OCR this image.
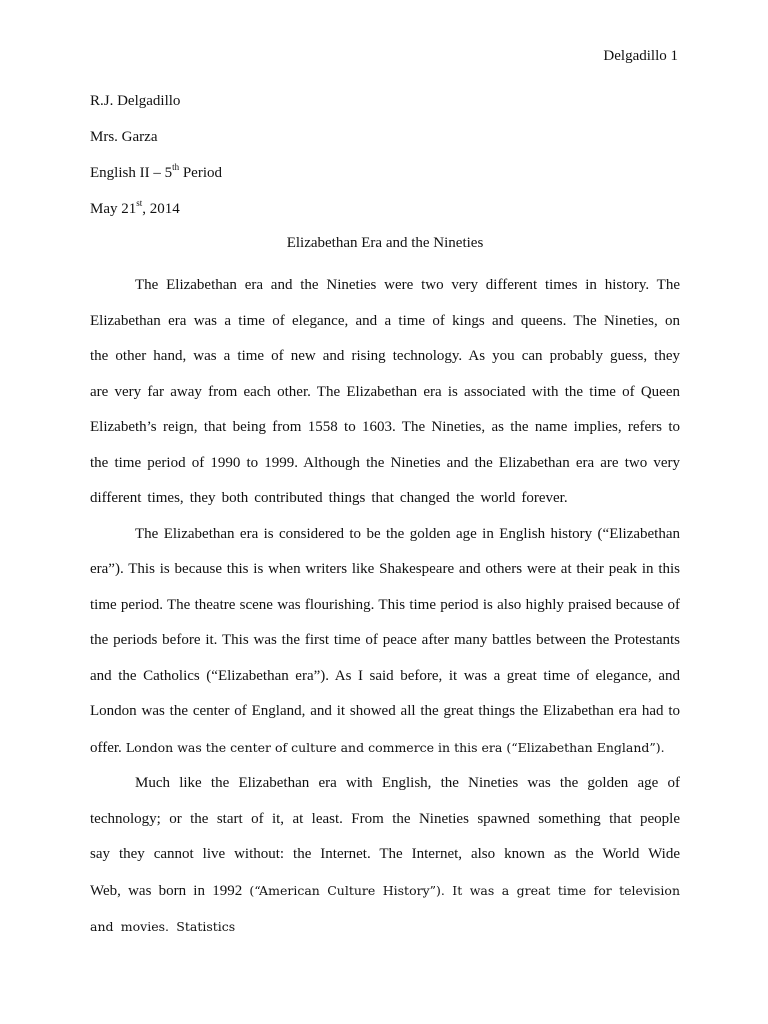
Delgadillo 1
R.J. Delgadillo
Mrs. Garza
English II – 5th Period
May 21st, 2014
Elizabethan Era and the Nineties

The Elizabethan era and the Nineties were two very different times in history. The Elizabethan era was a time of elegance, and a time of kings and queens. The Nineties, on the other hand, was a time of new and rising technology. As you can probably guess, they are very far away from each other. The Elizabethan era is associated with the time of Queen Elizabeth’s reign, that being from 1558 to 1603. The Nineties, as the name implies, refers to the time period of 1990 to 1999. Although the Nineties and the Elizabethan era are two very different times, they both contributed things that changed the world forever.

The Elizabethan era is considered to be the golden age in English history (“Elizabethan era”). This is because this is when writers like Shakespeare and others were at their peak in this time period. The theatre scene was flourishing. This time period is also highly praised because of the periods before it. This was the first time of peace after many battles between the Protestants and the Catholics (“Elizabethan era”). As I said before, it was a great time of elegance, and London was the center of England, and it showed all the great things the Elizabethan era had to offer. London was the center of culture and commerce in this era (“Elizabethan England”).

Much like the Elizabethan era with English, the Nineties was the golden age of technology; or the start of it, at least. From the Nineties spawned something that people say they cannot live without: the Internet. The Internet, also known as the World Wide Web, was born in 1992 (“American Culture History”). It was a great time for television and movies. Statistics
